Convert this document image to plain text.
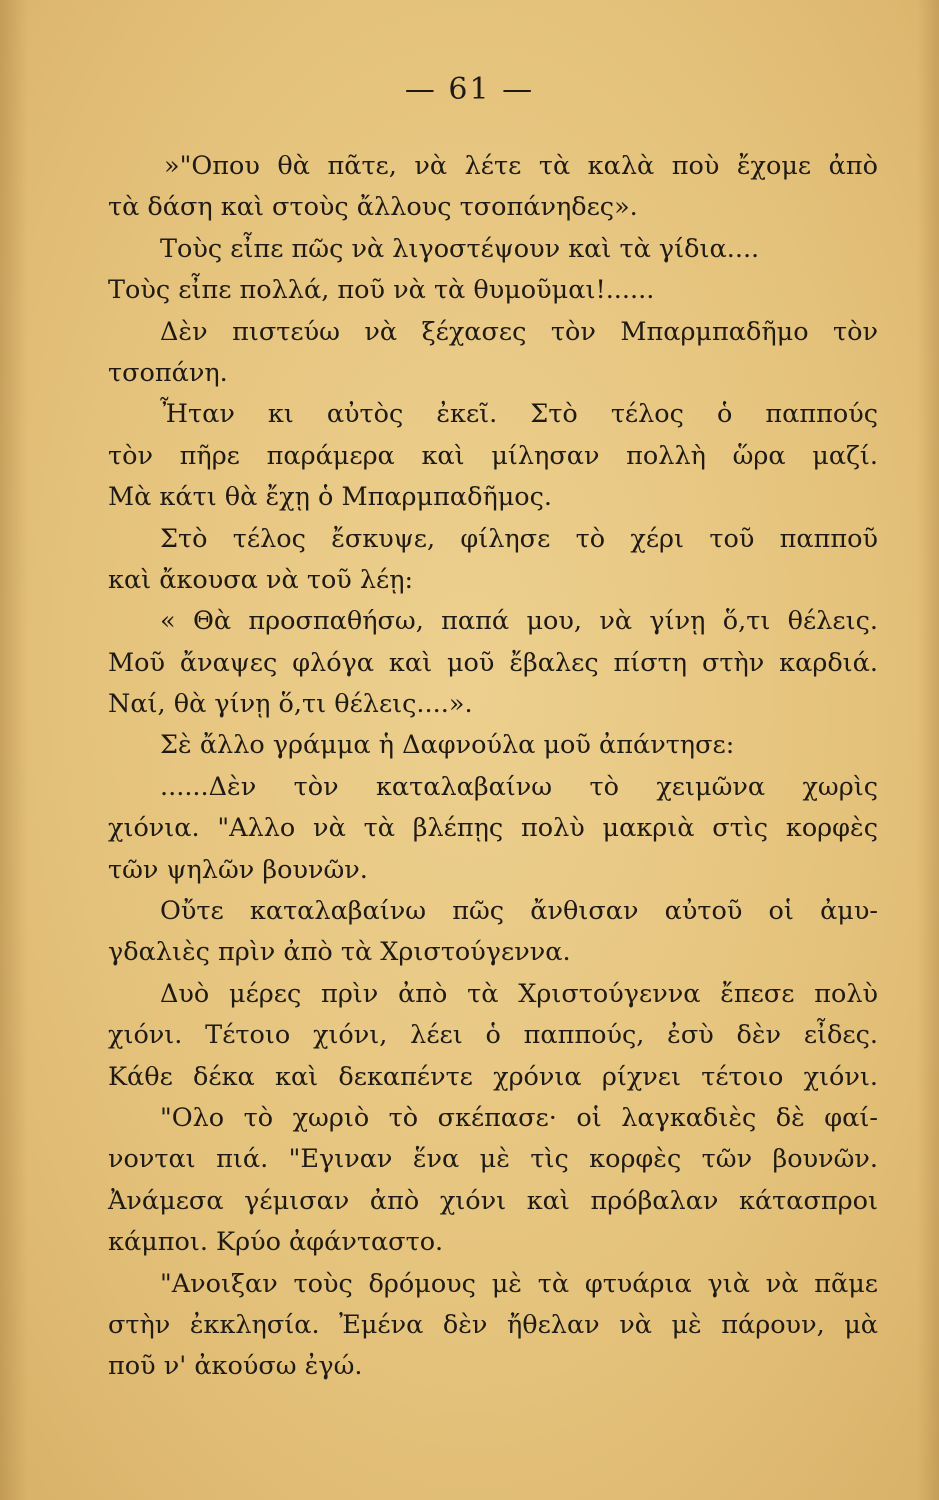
— 61 —
»"Οπου θὰ πᾶτε, νὰ λέτε τὰ καλὰ ποὺ ἔχομε ἀπὸ
τὰ δάση καὶ στοὺς ἄλλους τσοπάνηδες».
Τοὺς εἶπε πῶς νὰ λιγοστέψουν καὶ τὰ γίδια....
Τοὺς εἶπε πολλά, ποῦ νὰ τὰ θυμοῦμαι!......
Δὲν πιστεύω νὰ ξέχασες τὸν Μπαρμπαδῆμο τὸν
τσοπάνη.
Ἦταν κι αὐτὸς ἐκεῖ. Στὸ τέλος ὁ παππούς
τὸν πῆρε παράμερα καὶ μίλησαν πολλὴ ὥρα μαζί.
Μὰ κάτι θὰ ἔχῃ ὁ Μπαρμπαδῆμος.
Στὸ τέλος ἔσκυψε, φίλησε τὸ χέρι τοῦ παπποῦ
καὶ ἄκουσα νὰ τοῦ λέῃ:
« Θὰ προσπαθήσω, παπά μου, νὰ γίνῃ ὅ,τι θέλεις.
Μοῦ ἄναψες φλόγα καὶ μοῦ ἔβαλες πίστη στὴν καρδιά.
Ναί, θὰ γίνῃ ὅ,τι θέλεις....».
Σὲ ἄλλο γράμμα ἡ Δαφνούλα μοῦ ἀπάντησε:
......Δὲν τὸν καταλαβαίνω τὸ χειμῶνα χωρὶς
χιόνια. "Αλλο νὰ τὰ βλέπῃς πολὺ μακριὰ στὶς κορφὲς
τῶν ψηλῶν βουνῶν.
Οὔτε καταλαβαίνω πῶς ἄνθισαν αὐτοῦ οἱ ἀμυ-
γδαλιὲς πρὶν ἀπὸ τὰ Χριστούγεννα.
Δυὸ μέρες πρὶν ἀπὸ τὰ Χριστούγεννα ἔπεσε πολὺ
χιόνι. Τέτοιο χιόνι, λέει ὁ παππούς, ἐσὺ δὲν εἶδες.
Κάθε δέκα καὶ δεκαπέντε χρόνια ρίχνει τέτοιο χιόνι.
"Ολο τὸ χωριὸ τὸ σκέπασε· οἱ λαγκαδιὲς δὲ φαί-
νονται πιά. "Εγιναν ἕνα μὲ τὶς κορφὲς τῶν βουνῶν.
Ἀνάμεσα γέμισαν ἀπὸ χιόνι καὶ πρόβαλαν κάτασπροι
κάμποι. Κρύο ἀφάνταστο.
"Ανοιξαν τοὺς δρόμους μὲ τὰ φτυάρια γιὰ νὰ πᾶμε
στὴν ἐκκλησία. Ἐμένα δὲν ἤθελαν νὰ μὲ πάρουν, μὰ
ποῦ ν' ἀκούσω ἐγώ.
